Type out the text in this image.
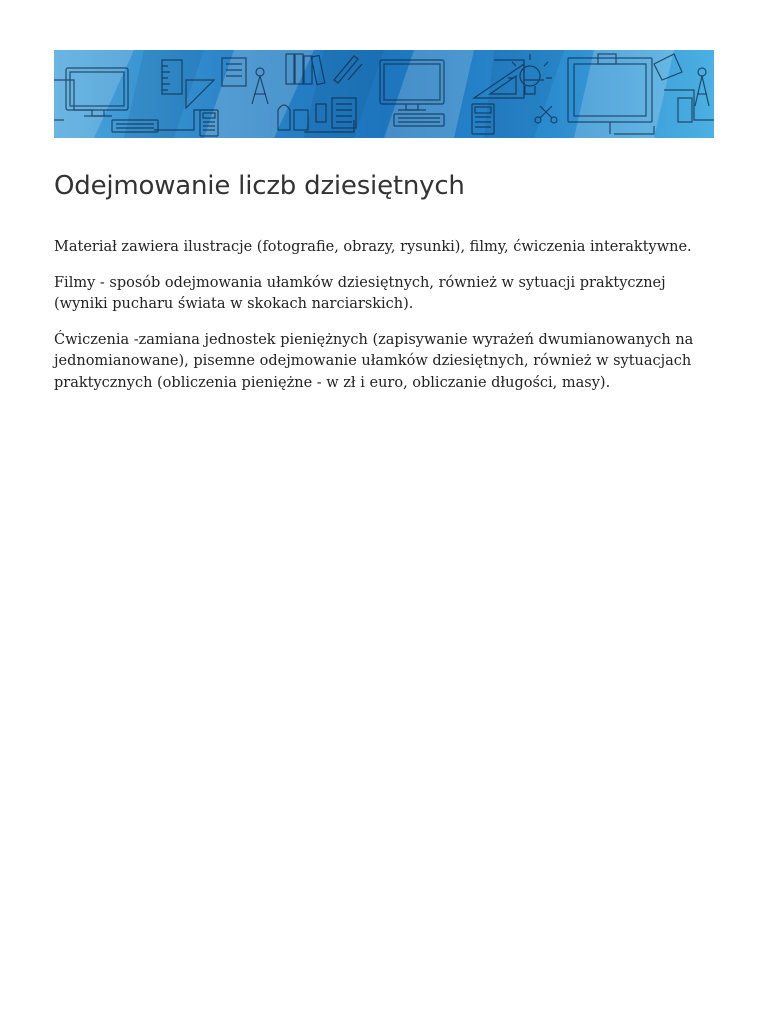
Odejmowanie liczb dziesiętnych

Materiał zawiera ilustracje (fotografie, obrazy, rysunki), filmy, ćwiczenia interaktywne.

Filmy - sposób odejmowania ułamków dziesiętnych, również w sytuacji praktycznej (wyniki pucharu świata w skokach narciarskich).

Ćwiczenia -zamiana jednostek pieniężnych (zapisywanie wyrażeń dwumianowanych na jednomianowane), pisemne odejmowanie ułamków dziesiętnych, również w sytuacjach praktycznych (obliczenia pieniężne - w zł i euro, obliczanie długości, masy).
